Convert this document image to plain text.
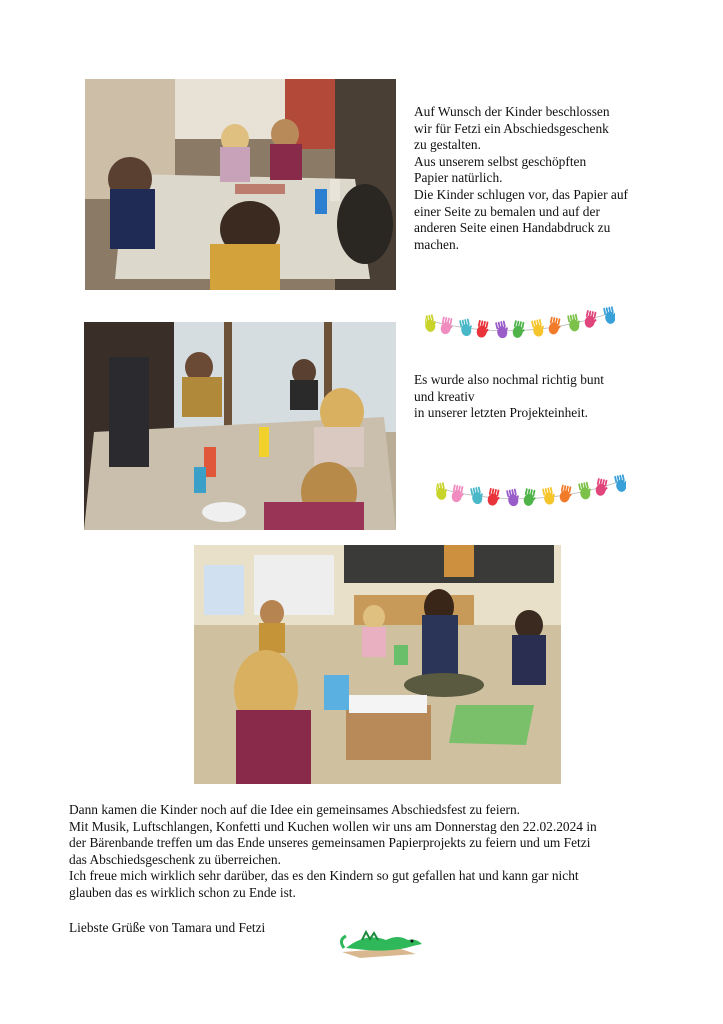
Auf Wunsch der Kinder beschlossen
wir für Fetzi ein Abschiedsgeschenk
zu gestalten.
Aus unserem selbst geschöpften
Papier natürlich.
Die Kinder schlugen vor, das Papier auf
einer Seite zu bemalen und auf der
anderen Seite einen Handabdruck zu
machen.
Es wurde also nochmal richtig bunt
und kreativ
in unserer letzten Projekteinheit.
Dann kamen die Kinder noch auf die Idee ein gemeinsames Abschiedsfest zu feiern.
Mit Musik, Luftschlangen, Konfetti und Kuchen wollen wir uns am Donnerstag den 22.02.2024 in
der Bärenbande treffen um das Ende unseres gemeinsamen Papierprojekts zu feiern und um Fetzi
das Abschiedsgeschenk zu überreichen.
Ich freue mich wirklich sehr darüber, das es den Kindern so gut gefallen hat und kann gar nicht
glauben das es wirklich schon zu Ende ist.
Liebste Grüße von Tamara und Fetzi
